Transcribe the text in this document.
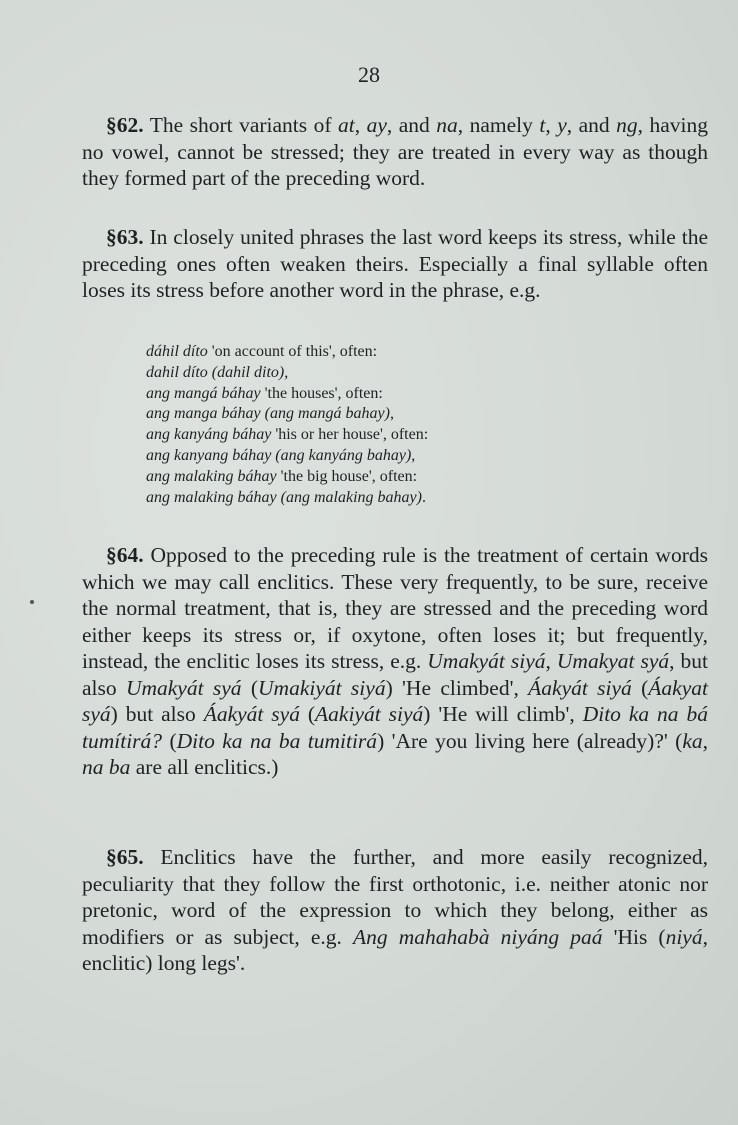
28

§62. The short variants of at, ay, and na, namely t, y, and ng, having no vowel, cannot be stressed; they are treated in every way as though they formed part of the preceding word.

§63. In closely united phrases the last word keeps its stress, while the preceding ones often weaken theirs. Especially a final syllable often loses its stress before another word in the phrase, e.g.

dáhil díto 'on account of this', often:
dahil díto (dahil dito),
ang mangá báhay 'the houses', often:
ang manga báhay (ang mangá bahay),
ang kanyáng báhay 'his or her house', often:
ang kanyang báhay (ang kanyáng bahay),
ang malaking báhay 'the big house', often:
ang malaking báhay (ang malaking bahay).

§64. Opposed to the preceding rule is the treatment of certain words which we may call enclitics. These very frequently, to be sure, receive the normal treatment, that is, they are stressed and the preceding word either keeps its stress or, if oxytone, often loses it; but frequently, instead, the enclitic loses its stress, e.g. Umakyát siyá, Umakyat syá, but also Umakyát syá (Umakiyát siyá) 'He climbed', Áakyát siyá (Áakyat syá) but also Áakyát syá (Aakiyát siyá) 'He will climb', Dito ka na bá tumítirá? (Dito ka na ba tumitirá) 'Are you living here (already)?' (ka, na ba are all enclitics.)

§65. Enclitics have the further, and more easily recognized, peculiarity that they follow the first orthotonic, i.e. neither atonic nor pretonic, word of the expression to which they belong, either as modifiers or as subject, e.g. Ang mahahabà niyáng paá 'His (niyá, enclitic) long legs'.
